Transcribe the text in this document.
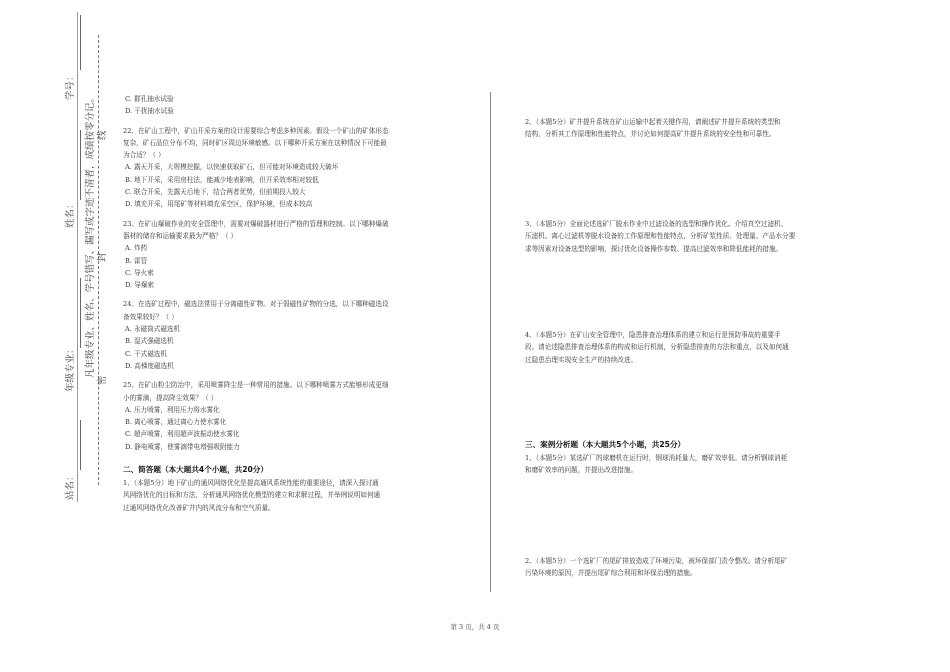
线
封
密
凡年级专业、姓名、学号错写、漏写或字迹不清者，成绩按零分记。
学号：
姓名：
年级专业：
站名：

C. 群孔抽水试验

D. 干扰抽水试验

22、在矿山工程中，矿山开采方案的设计需要综合考虑多种因素。假设一个矿山的矿体形态

复杂，矿石品位分布不均，同时矿区周边环境敏感。以下哪种开采方案在这种情况下可能最

为合适？（ ）

A. 露天开采，大规模挖掘，以快速获取矿石，但可能对环境造成较大破坏

B. 地下开采，采用房柱法，能减少地表影响，但开采效率相对较低

C. 联合开采，先露天后地下，结合两者优势，但前期投入较大

D. 填充开采，用尾矿等材料填充采空区，保护环境，但成本较高

23、在矿山爆破作业的安全管理中，需要对爆破器材进行严格的管理和控制。以下哪种爆破

器材的储存和运输要求最为严格？（ ）

A. 炸药

B. 雷管

C. 导火索

D. 导爆索

24、在选矿过程中，磁选法常用于分离磁性矿物。对于弱磁性矿物的分选，以下哪种磁选设

备效果较好？（ ）

A. 永磁筒式磁选机

B. 湿式强磁选机

C. 干式磁选机

D. 高梯度磁选机

25、在矿山粉尘防治中，采用喷雾降尘是一种常用的措施。以下哪种喷雾方式能够形成更细

小的雾滴，提高降尘效果？（ ）

A. 压力喷雾，利用压力将水雾化

B. 离心喷雾，通过离心力使水雾化

C. 超声喷雾，利用超声波振动使水雾化

D. 静电喷雾，使雾滴带电增强吸附能力

二、简答题（本大题共4个小题，共20分）

1、（本题5分）地下矿山的通风网络优化是提高通风系统性能的重要途径，请深入探讨通

风网络优化的目标和方法，分析通风网络优化模型的建立和求解过程，并举例说明如何通

过通风网络优化改善矿井内的风流分布和空气质量。

2、（本题5分）矿井提升系统在矿山运输中起着关键作用，请阐述矿井提升系统的类型和

结构，分析其工作原理和性能特点，并讨论如何提高矿井提升系统的安全性和可靠性。

3、（本题5分）全面论述选矿厂脱水作业中过滤设备的选型和操作优化。介绍真空过滤机、

压滤机、离心过滤机等脱水设备的工作原理和性能特点，分析矿浆性质、处理量、产品水分要

求等因素对设备选型的影响，探讨优化设备操作参数、提高过滤效率和降低能耗的措施。

4、（本题5分）在矿山安全管理中，隐患排查治理体系的建立和运行是预防事故的重要手

段。请论述隐患排查治理体系的构成和运行机制，分析隐患排查的方法和重点，以及如何通

过隐患治理实现安全生产的持续改进。

三、案例分析题（本大题共5个小题，共25分）

1、（本题5分）某选矿厂的球磨机在运行时，钢球消耗量大，磨矿效率低。请分析钢球消耗

和磨矿效率的问题，并提出改进措施。

2、（本题5分）一个选矿厂的尾矿排放造成了环境污染，被环保部门责令整改。请分析尾矿

污染环境的原因，并提出尾矿综合利用和环保治理的措施。

第 3 页，共 4 页
